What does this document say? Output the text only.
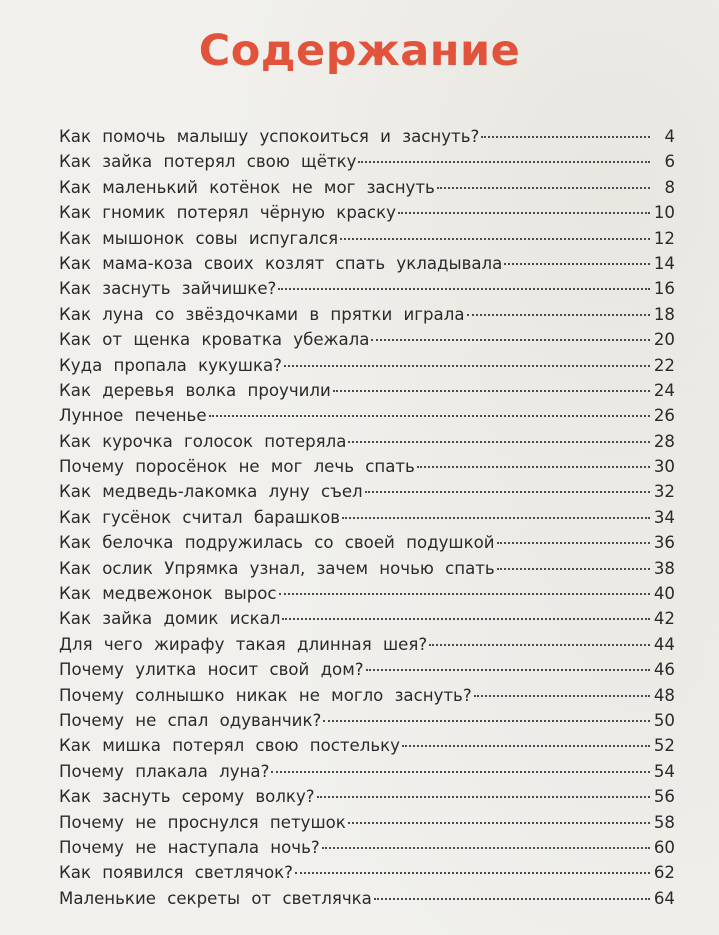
Содержание
Как помочь малышу успокоиться и заснуть?	4
Как зайка потерял свою щётку	6
Как маленький котёнок не мог заснуть	8
Как гномик потерял чёрную краску	10
Как мышонок совы испугался	12
Как мама-коза своих козлят спать укладывала	14
Как заснуть зайчишке?	16
Как луна со звёздочками в прятки играла	18
Как от щенка кроватка убежала	20
Куда пропала кукушка?	22
Как деревья волка проучили	24
Лунное печенье	26
Как курочка голосок потеряла	28
Почему поросёнок не мог лечь спать	30
Как медведь-лакомка луну съел	32
Как гусёнок считал барашков	34
Как белочка подружилась со своей подушкой	36
Как ослик Упрямка узнал, зачем ночью спать	38
Как медвежонок вырос	40
Как зайка домик искал	42
Для чего жирафу такая длинная шея?	44
Почему улитка носит свой дом?	46
Почему солнышко никак не могло заснуть?	48
Почему не спал одуванчик?	50
Как мишка потерял свою постельку	52
Почему плакала луна?	54
Как заснуть серому волку?	56
Почему не проснулся петушок	58
Почему не наступала ночь?	60
Как появился светлячок?	62
Маленькие секреты от светлячка	64
